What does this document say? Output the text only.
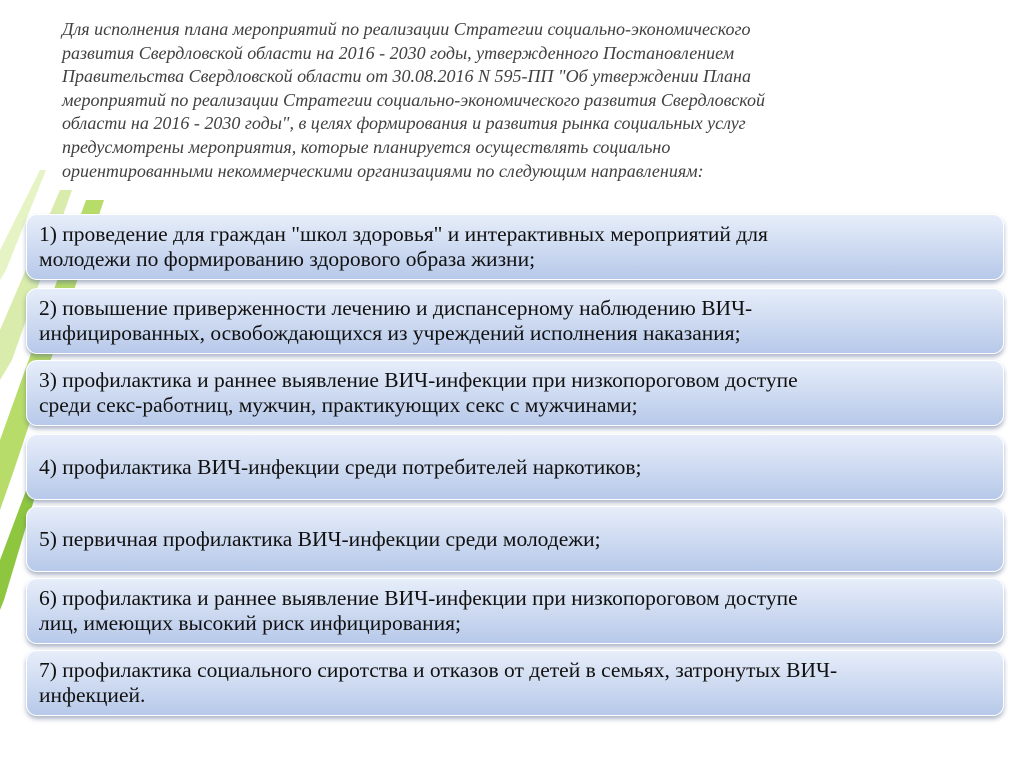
Для исполнения плана мероприятий по реализации Стратегии социально-экономического
развития Свердловской области на 2016 - 2030 годы, утвержденного Постановлением
Правительства Свердловской области от 30.08.2016 N 595-ПП "Об утверждении Плана
мероприятий по реализации Стратегии социально-экономического развития Свердловской
области на 2016 - 2030 годы", в целях формирования и развития рынка социальных услуг
предусмотрены мероприятия, которые планируется осуществлять социально
ориентированными некоммерческими организациями по следующим направлениям:

1) проведение для граждан "школ здоровья" и интерактивных мероприятий для
молодежи по формированию здорового образа жизни;
2) повышение приверженности лечению и диспансерному наблюдению ВИЧ-
инфицированных, освобождающихся из учреждений исполнения наказания;
3) профилактика и раннее выявление ВИЧ-инфекции при низкопороговом доступе
среди секс-работниц, мужчин, практикующих секс с мужчинами;
4) профилактика ВИЧ-инфекции среди потребителей наркотиков;
5) первичная профилактика ВИЧ-инфекции среди молодежи;
6) профилактика и раннее выявление ВИЧ-инфекции при низкопороговом доступе
лиц, имеющих высокий риск инфицирования;
7) профилактика социального сиротства и отказов от детей в семьях, затронутых ВИЧ-
инфекцией.
